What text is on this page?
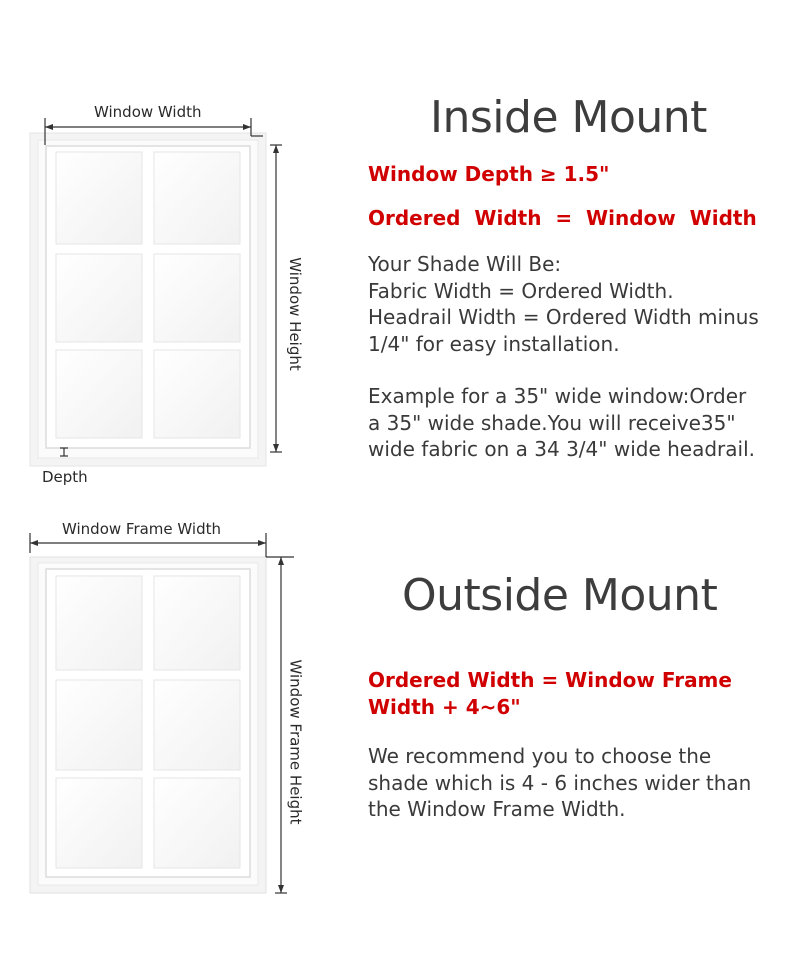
Window Width
Window Height
Depth
Inside Mount
Window Depth ≥ 1.5"
Ordered  Width  =  Window  Width
Your Shade Will Be:
Fabric Width = Ordered Width.
Headrail Width = Ordered Width minus
1/4" for easy installation.
Example for a 35" wide window:Order
a 35" wide shade.You will receive35"
wide fabric on a 34 3/4" wide headrail.
Window Frame Width
Window Frame Height
Outside Mount
Ordered Width = Window Frame
Width + 4~6"
We recommend you to choose the
shade which is 4 - 6 inches wider than
the Window Frame Width.
